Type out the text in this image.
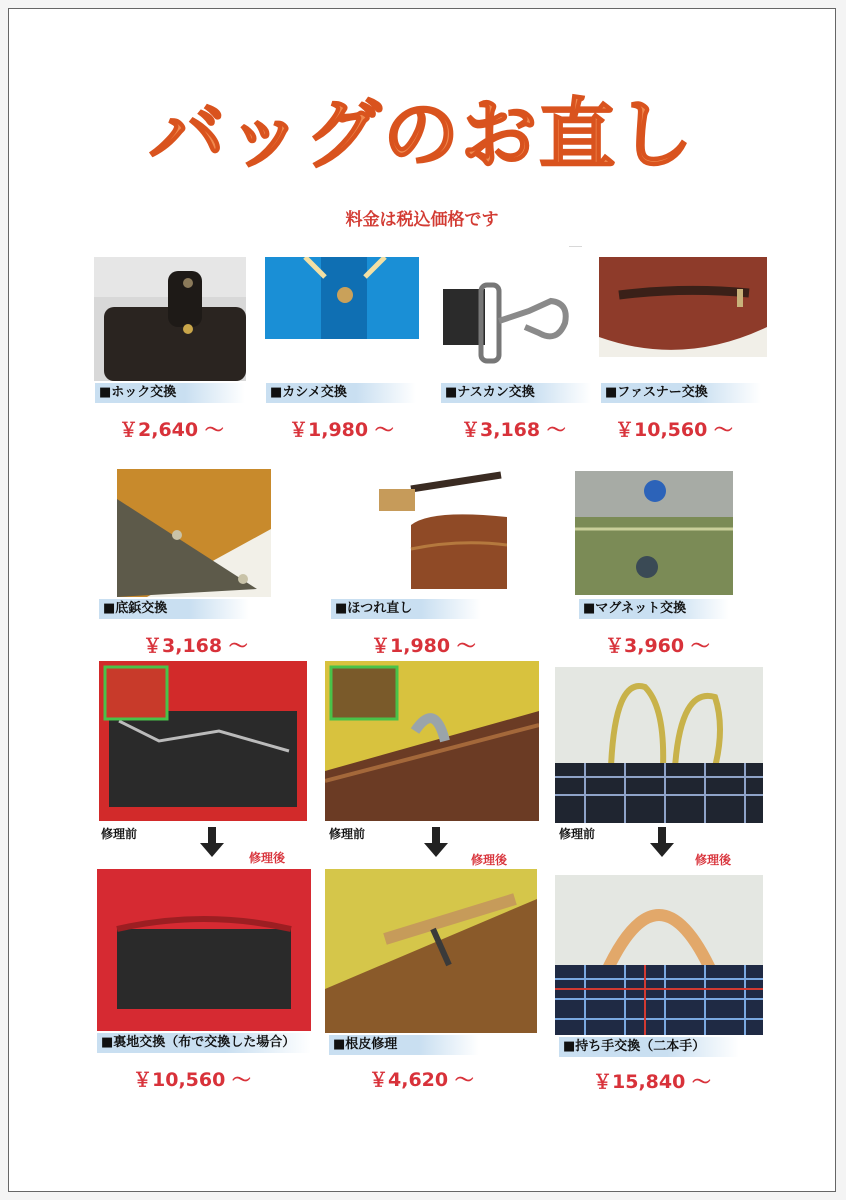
バッグのお直し
料金は税込価格です
―
■ホック交換
￥2,640 ～
■カシメ交換
￥1,980 ～
■ナスカン交換
￥3,168 ～
■ファスナー交換
￥10,560 ～
■底鋲交換
￥3,168 ～
■ほつれ直し
￥1,980 ～
■マグネット交換
￥3,960 ～
修理前
修理後
修理前
修理後
修理前
修理後
■裏地交換（布で交換した場合）
￥10,560 ～
■根皮修理
￥4,620 ～
■持ち手交換（二本手）
￥15,840 ～
